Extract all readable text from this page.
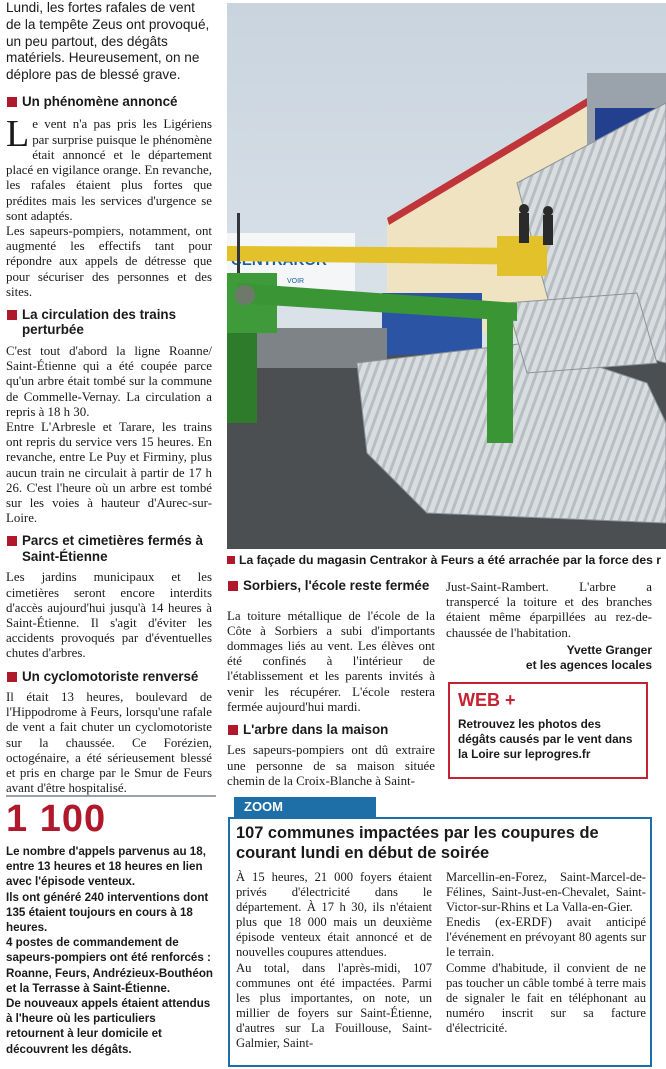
Lundi, les fortes rafales de vent de la tempête Zeus ont provoqué, un peu partout, des dégâts matériels. Heureusement, on ne déplore pas de blessé grave.

Un phénomène annoncé

Le vent n'a pas pris les Ligériens par surprise puisque le phénomène était annoncé et le département placé en vigilance orange. En revanche, les rafales étaient plus fortes que prédites mais les services d'urgence se sont adaptés.

Les sapeurs-pompiers, notamment, ont augmenté les effectifs tant pour répondre aux appels de détresse que pour sécuriser des personnes et des sites.

La circulation des trains perturbée

C'est tout d'abord la ligne Roanne/ Saint-Étienne qui a été coupée parce qu'un arbre était tombé sur la commune de Commelle-Vernay. La circulation a repris à 18 h 30.

Entre L'Arbresle et Tarare, les trains ont repris du service vers 15 heures. En revanche, entre Le Puy et Firminy, plus aucun train ne circulait à partir de 17 h 26. C'est l'heure où un arbre est tombé sur les voies à hauteur d'Aurec-sur-Loire.

Parcs et cimetières fermés à Saint-Étienne

Les jardins municipaux et les cimetières seront encore interdits d'accès aujourd'hui jusqu'à 14 heures à Saint-Étienne. Il s'agit d'éviter les accidents provoqués par d'éventuelles chutes d'arbres.

Un cyclomotoriste renversé

Il était 13 heures, boulevard de l'Hippodrome à Feurs, lorsqu'une rafale de vent a fait chuter un cyclomotoriste sur la chaussée. Ce Forézien, octogénaire, a été sérieusement blessé et pris en charge par le Smur de Feurs avant d'être hospitalisé.

VOIR
La façade du magasin Centrakor à Feurs a été arrachée par la force des r
Sorbiers, l'école reste fermée

La toiture métallique de l'école de la Côte à Sorbiers a subi d'importants dommages liés au vent. Les élèves ont été confinés à l'intérieur de l'établissement et les parents invités à venir les récupérer. L'école restera fermée aujourd'hui mardi.

L'arbre dans la maison

Les sapeurs-pompiers ont dû extraire une personne de sa maison située chemin de la Croix-Blanche à Saint-

Just-Saint-Rambert. L'arbre a transpercé la toiture et des branches étaient même éparpillées au rez-de-chaussée de l'habitation.

Yvette Granger

et les agences locales

WEB +

Retrouvez les photos des dégâts causés par le vent dans la Loire sur leprogres.fr

1 100

Le nombre d'appels parvenus au 18, entre 13 heures et 18 heures en lien avec l'épisode venteux.

Ils ont généré 240 interventions dont 135 étaient toujours en cours à 18 heures.

4 postes de commandement de sapeurs-pompiers ont été renforcés : Roanne, Feurs, Andrézieux-Bouthéon et la Terrasse à Saint-Étienne.

De nouveaux appels étaient attendus à l'heure où les particuliers retournent à leur domicile et découvrent les dégâts.

ZOOM
107 communes impactées par les coupures de courant lundi en début de soirée

À 15 heures, 21 000 foyers étaient privés d'électricité dans le département. À 17 h 30, ils n'étaient plus que 18 000 mais un deuxième épisode venteux était annoncé et de nouvelles coupures attendues.

Au total, dans l'après-midi, 107 communes ont été impactées. Parmi les plus importantes, on note, un millier de foyers sur Saint-Étienne, d'autres sur La Fouillouse, Saint-Galmier, Saint-

Marcellin-en-Forez, Saint-Marcel-de-Félines, Saint-Just-en-Chevalet, Saint-Victor-sur-Rhins et La Valla-en-Gier.

Enedis (ex-ERDF) avait anticipé l'événement en prévoyant 80 agents sur le terrain.

Comme d'habitude, il convient de ne pas toucher un câble tombé à terre mais de signaler le fait en téléphonant au numéro inscrit sur sa facture d'électricité.
